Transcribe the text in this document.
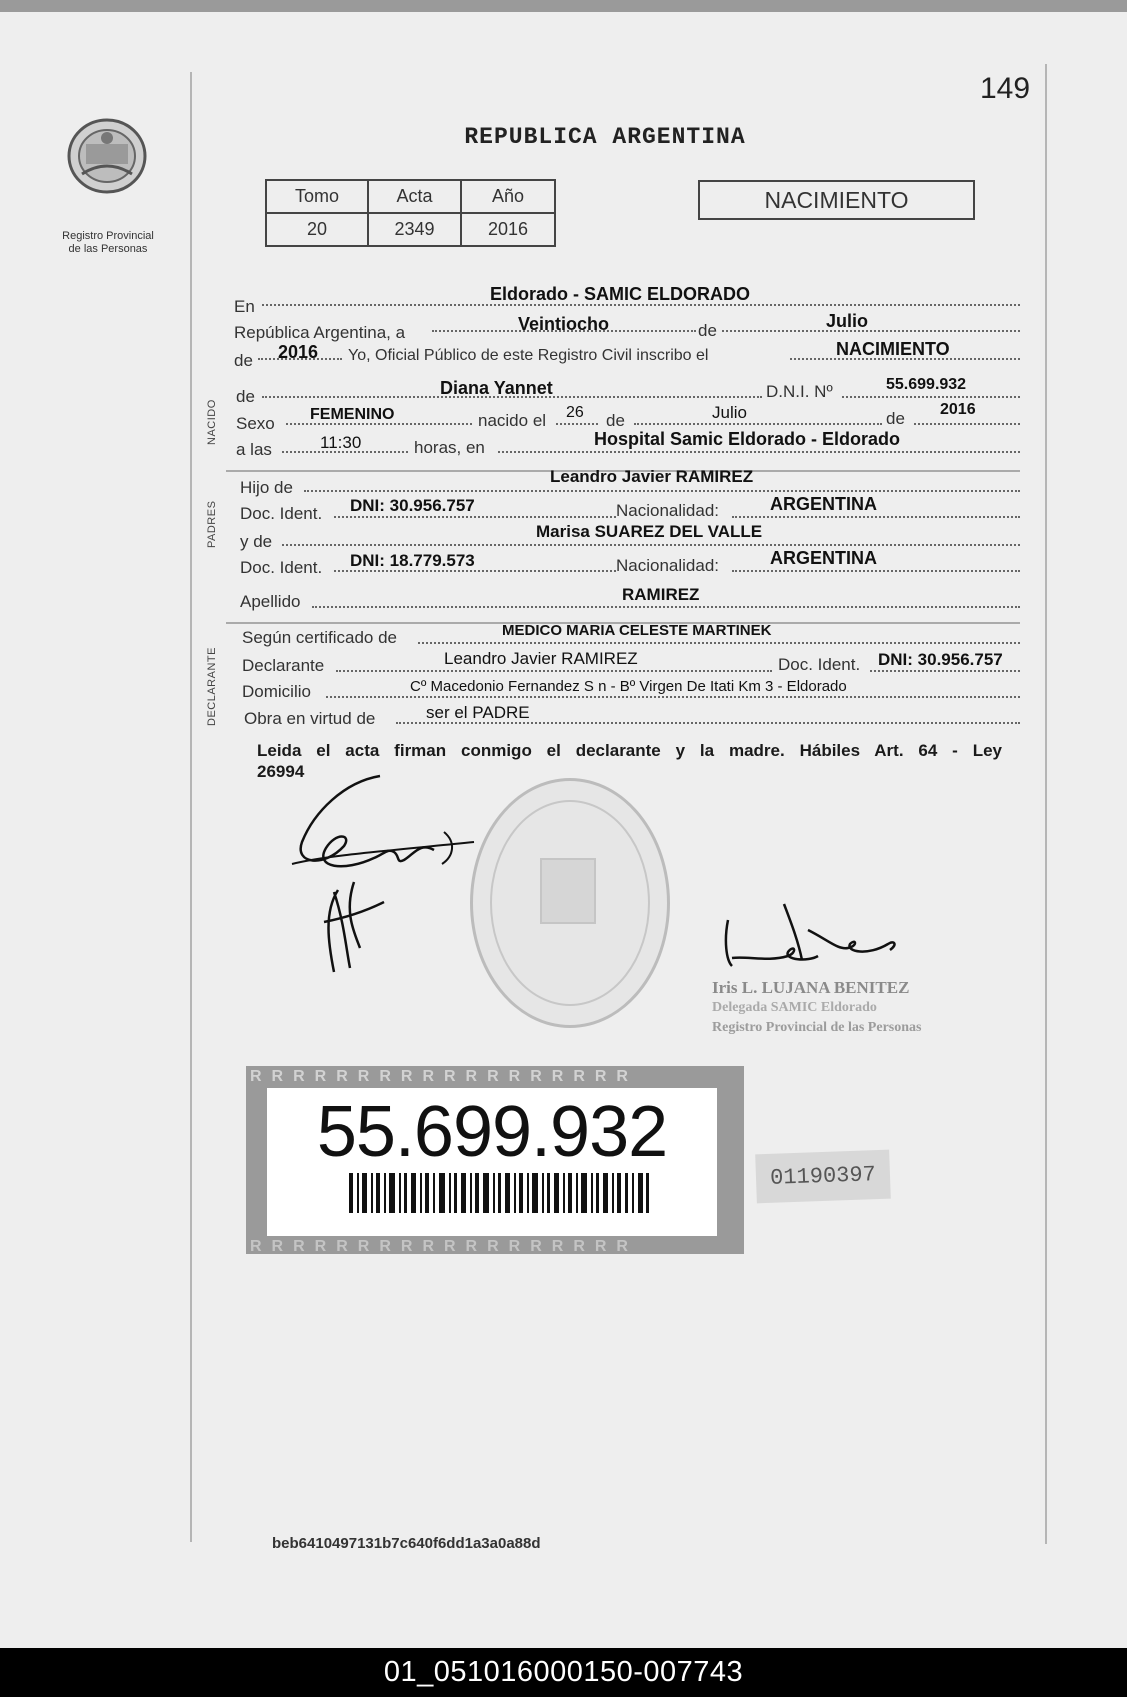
149
REPUBLICA ARGENTINA
Registro Provincial
de las Personas
Tomo	Acta	Año
20	2349	2016
NACIMIENTO
En
Eldorado - SAMIC ELDORADO
República Argentina, a	Veintiocho	de	Julio
de 2016 Yo, Oficial Público de este Registro Civil inscribo el	NACIMIENTO
NACIDO
de	Diana Yannet	D.N.I. Nº	55.699.932
Sexo FEMENINO	nacido el 26 de	Julio	de 2016
a las	11:30	horas, en	Hospital Samic Eldorado - Eldorado
PADRES
Hijo de
Leandro Javier RAMIREZ
Doc. Ident. DNI: 30.956.757	Nacionalidad:	ARGENTINA
y de
Marisa SUAREZ DEL VALLE
Doc. Ident. DNI: 18.779.573	Nacionalidad:	ARGENTINA
Apellido	RAMIREZ
DECLARANTE
Según certificado de	MEDICO MARIA CELESTE MARTINEK
Declarante	Leandro Javier RAMIREZ	Doc. Ident. DNI: 30.956.757
Domicilio	Cº Macedonio Fernandez S n - Bº Virgen De Itati Km 3 - Eldorado
Obra en virtud de	ser el PADRE
Leida el acta firman conmigo el declarante y la madre. Hábiles Art. 64 - Ley
26994
Iris L. LUJANA BENITEZ
Delegada SAMIC Eldorado
Registro Provincial de las Personas
RRRRRRRRRRRRRRRRRR
RRRRRRRRRRRRRRRRRR
55.699.932
01190397
beb6410497131b7c640f6dd1a3a0a88d
01_051016000150-007743
